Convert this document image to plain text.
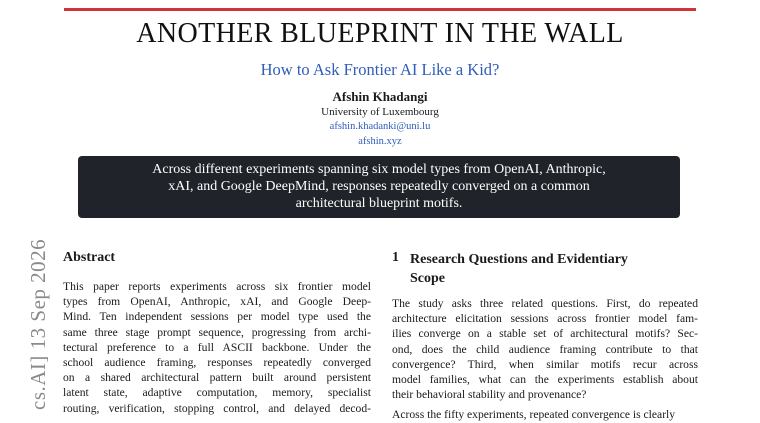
ANOTHER BLUEPRINT IN THE WALL
How to Ask Frontier AI Like a Kid?
Afshin Khadangi
University of Luxembourg
afshin.khadanki@uni.lu
afshin.xyz
Across different experiments spanning six model types from OpenAI, Anthropic,
xAI, and Google DeepMind, responses repeatedly converged on a common
architectural blueprint motifs.
cs.AI] 13 Sep 2026 Abstract
This paper reports experiments across six frontier model
types from OpenAI, Anthropic, xAI, and Google Deep-
Mind. Ten independent sessions per model type used the
same three stage prompt sequence, progressing from archi-
tectural preference to a full ASCII backbone. Under the
school audience framing, responses repeatedly converged
on a shared architectural pattern built around persistent
latent state, adaptive computation, memory, specialist
routing, verification, stopping control, and delayed decod-
1 Research Questions and Evidentiary
Scope
The study asks three related questions. First, do repeated
architecture elicitation sessions across frontier model fam-
ilies converge on a stable set of architectural motifs? Sec-
ond, does the child audience framing contribute to that
convergence? Third, when similar motifs recur across
model families, what can the experiments establish about
their behavioral stability and provenance?
Across the fifty experiments, repeated convergence is clearly
